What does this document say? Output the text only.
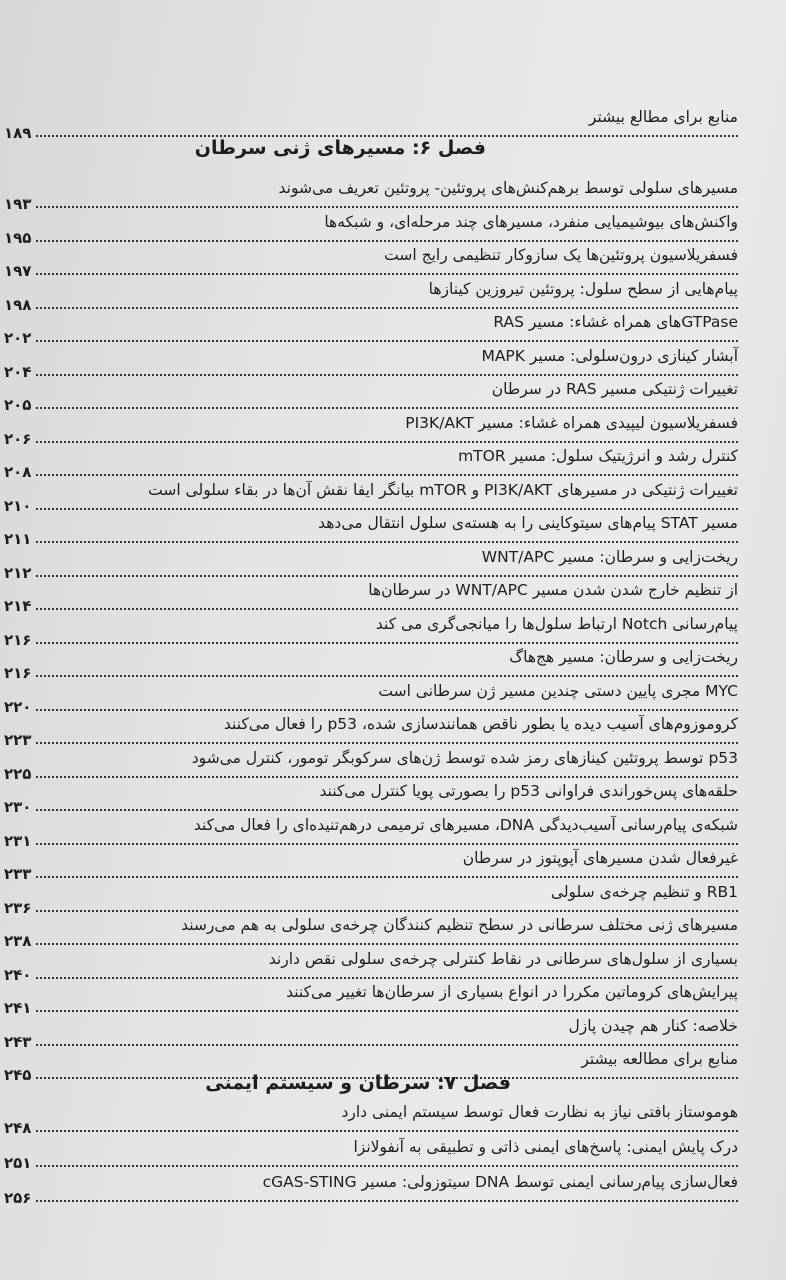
منابع برای مطالع بیشتر
۱۸۹
فصل ۶: مسیرهای ژنی سرطان
مسیرهای سلولی توسط برهم‌کنش‌های پروتئین- پروتئین تعریف می‌شوند
۱۹۳
واکنش‌های بیوشیمیایی منفرد، مسیرهای چند مرحله‌ای، و شبکه‌ها
۱۹۵
فسفریلاسیون پروتئین‌ها یک سازوکار تنظیمی رایج است
۱۹۷
پیام‌هایی از سطح سلول: پروتئین تیروزین کینازها
۱۹۸
GTPaseهای همراه غشاء: مسیر RAS
۲۰۲
آبشار کینازی درون‌سلولی: مسیر MAPK
۲۰۴
تغییرات ژنتیکی مسیر RAS در سرطان
۲۰۵
فسفریلاسیون لیپیدی همراه غشاء: مسیر PI3K/AKT
۲۰۶
کنترل رشد و انرژیتیک سلول: مسیر mTOR
۲۰۸
تغییرات ژنتیکی در مسیرهای PI3K/AKT و mTOR بیانگر ایفا نقش آن‌ها در بقاء سلولی است
۲۱۰
مسیر STAT پیام‌های سیتوکاینی را به هسته‌ی سلول انتقال می‌دهد
۲۱۱
ریخت‌زایی و سرطان: مسیر WNT/APC
۲۱۲
از تنظیم خارج شدن شدن مسیر WNT/APC در سرطان‌ها
۲۱۴
پیام‌رسانی Notch ارتباط سلول‌ها را میانجی‌گری می کند
۲۱۶
ریخت‌زایی و سرطان: مسیر هج‌هاگ
۲۱۶
MYC مجری پایین دستی چندین مسیر ژن سرطانی است
۲۲۰
کروموزوم‌های آسیب دیده یا بطور ناقص همانندسازی شده، p53 را فعال می‌کنند
۲۲۳
p53 توسط پروتئین کینازهای رمز شده توسط ژن‌های سرکوبگر تومور، کنترل می‌شود
۲۲۵
حلقه‌های پس‌خوراندی فراوانی p53 را بصورتی پویا کنترل می‌کنند
۲۳۰
شبکه‌ی پیام‌رسانی آسیب‌دیدگی DNA، مسیرهای ترمیمی درهم‌تنیده‌ای را فعال می‌کند
۲۳۱
غیرفعال شدن مسیرهای آپوپتوز در سرطان
۲۳۳
RB1 و تنظیم چرخه‌ی سلولی
۲۳۶
مسیرهای ژنی مختلف سرطانی در سطح تنظیم کنندگان چرخه‌ی سلولی به هم می‌رسند
۲۳۸
بسیاری از سلول‌های سرطانی در نقاط کنترلی چرخه‌ی سلولی نقص دارند
۲۴۰
پیرایش‌های کروماتین مکررا در انواع بسیاری از سرطان‌ها تغییر می‌کنند
۲۴۱
خلاصه: کنار هم چیدن پازل
۲۴۳
منابع برای مطالعه بیشتر
۲۴۵	فصل ۷: سرطان و سیستم ایمنی
هوموستاز بافتی نیاز به نظارت فعال توسط سیستم ایمنی دارد
۲۴۸
درک پایش ایمنی: پاسخ‌های ایمنی ذاتی و تطبیقی به آنفولانزا
۲۵۱
فعال‌سازی پیام‌رسانی ایمنی توسط DNA سیتوزولی: مسیر cGAS-STING
۲۵۶
